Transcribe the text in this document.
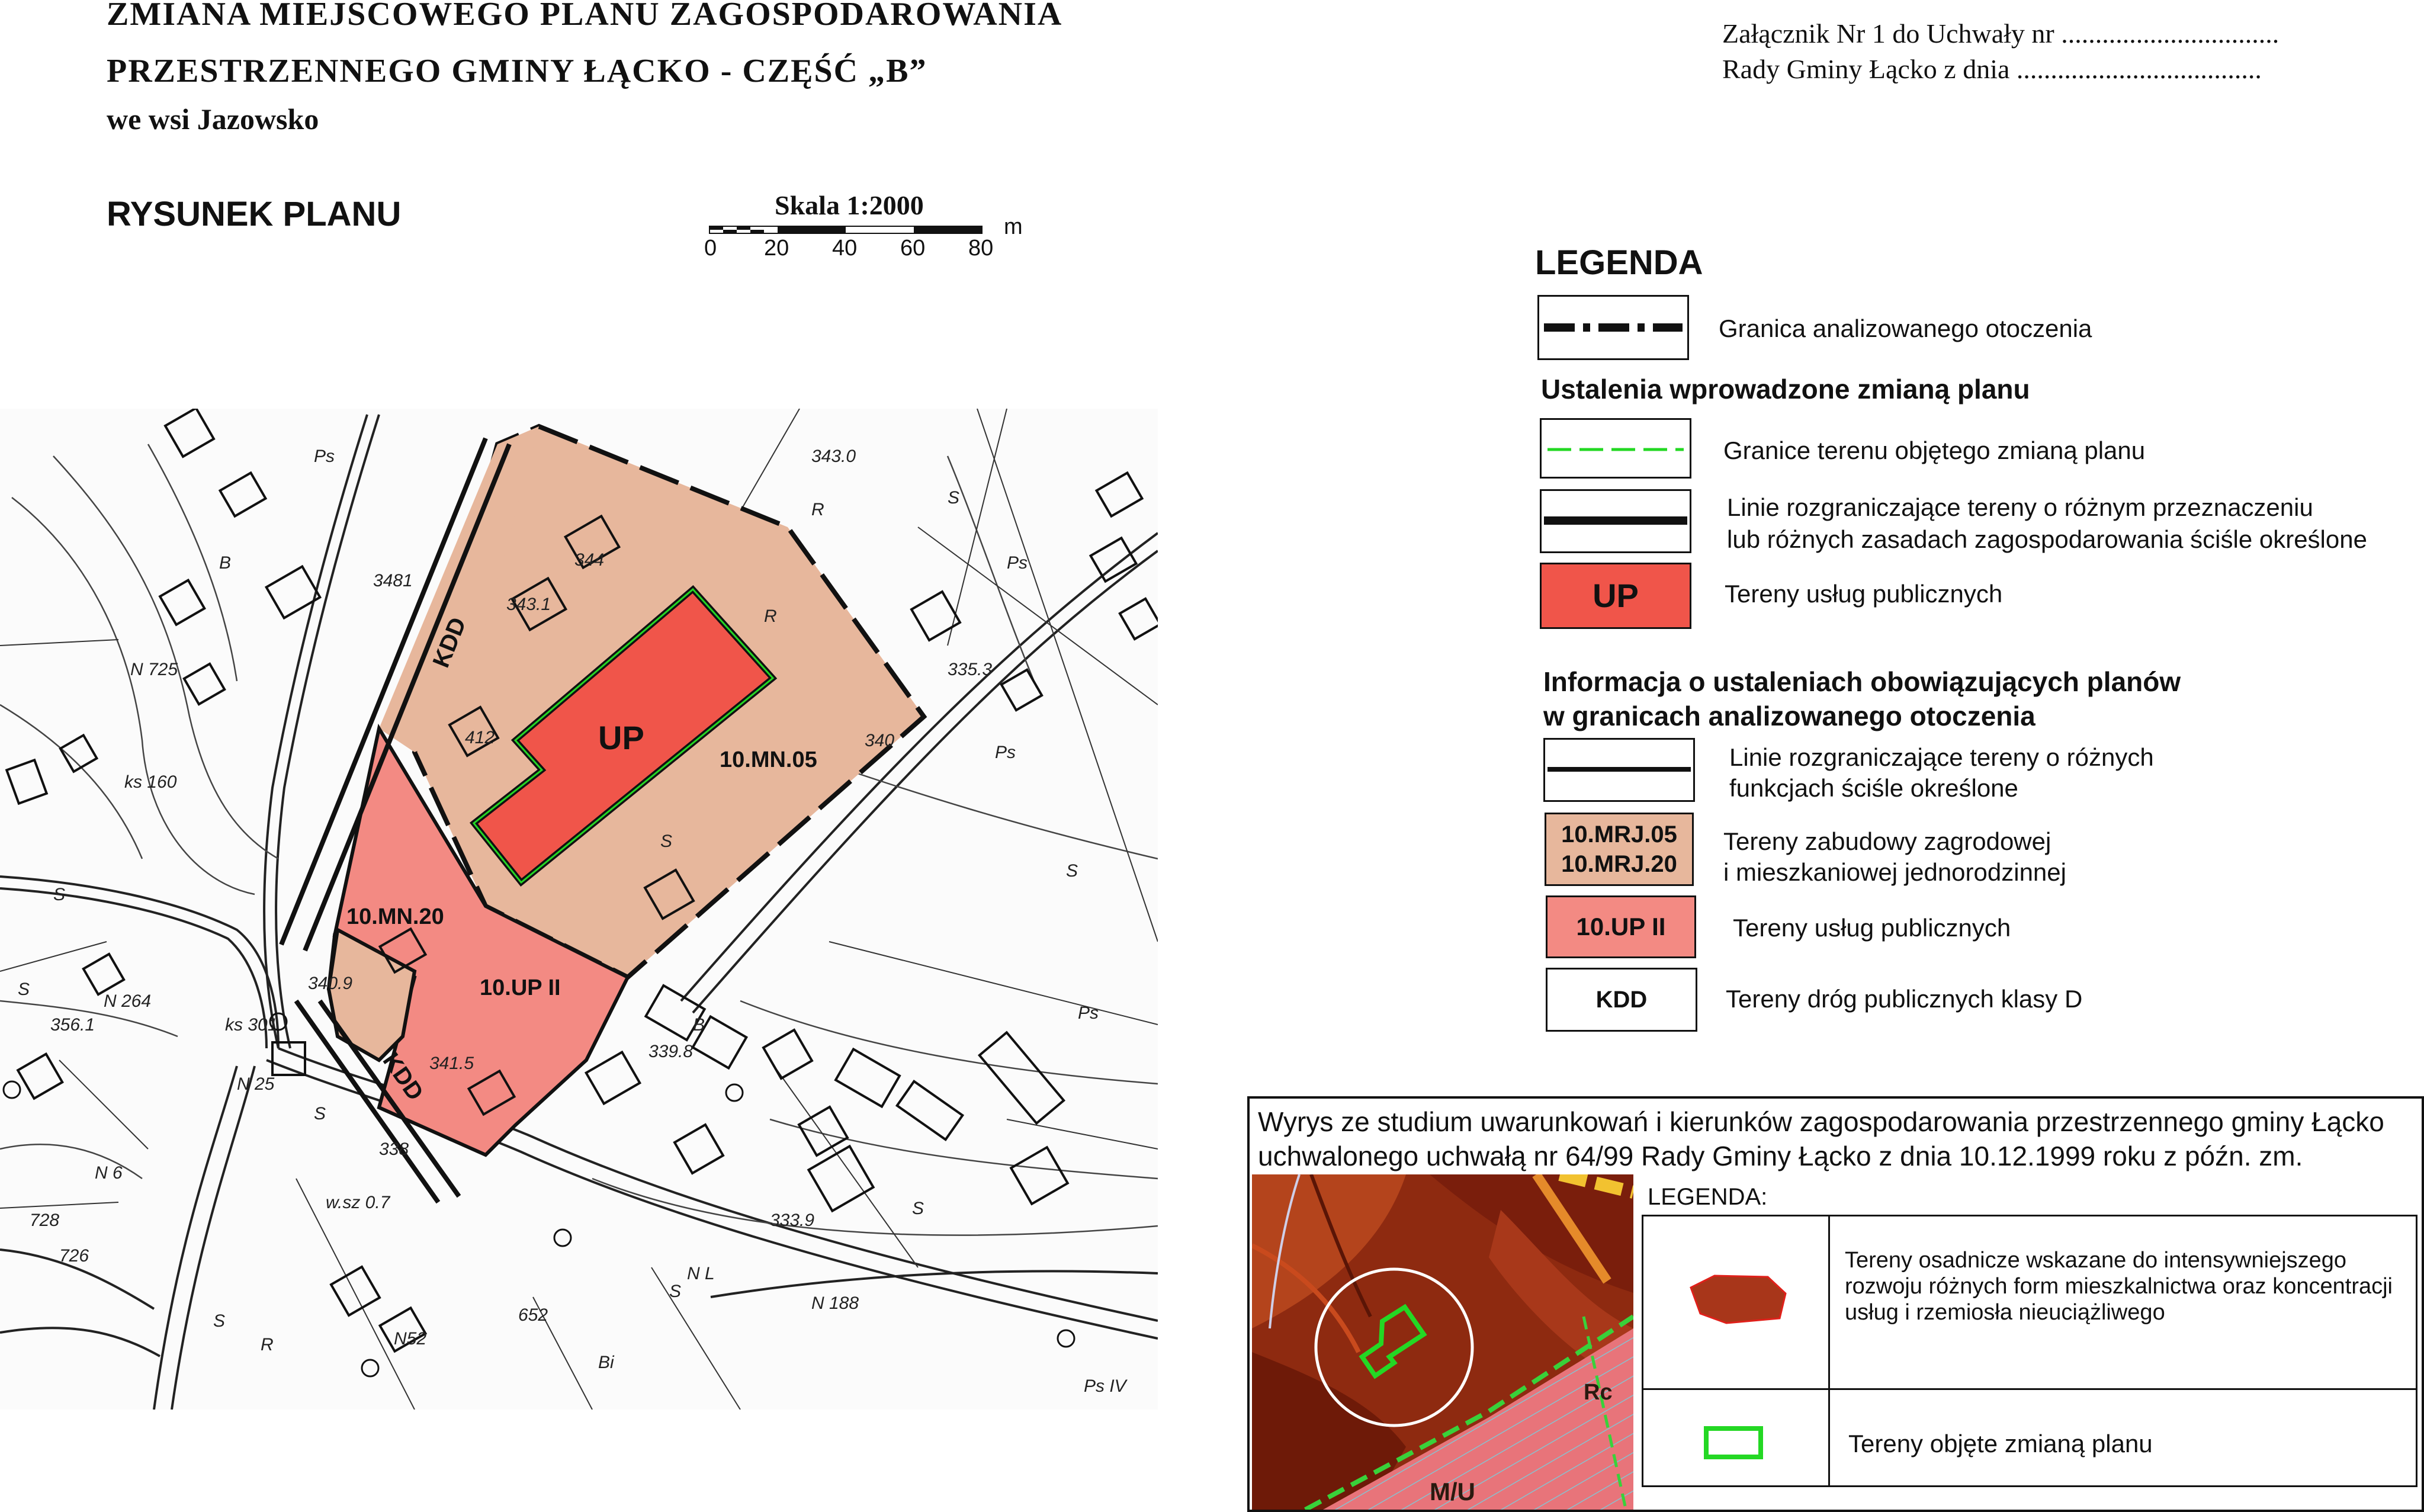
ZMIANA MIEJSCOWEGO PLANU ZAGOSPODAROWANIA
PRZESTRZENNEGO GMINY ŁĄCKO - CZĘŚĆ „B”
we wsi Jazowsko
Załącznik Nr 1 do Uchwały nr ................................
Rady Gminy Łącko z dnia ....................................
RYSUNEK PLANU	Skala 1:2000
0 20 40 60 80
m
UP
10.MN.05
10.MN.20
10.UP II
KDD
KDD
Ps
Ps
Ps
Ps
Ps IV
S
S
S
S
S
S
S
S
S
R
R
R
B
B
Bi
343.0
3481
335.3
340
344
343.1
412
340.9
341.5
339.8
333.9
338
356.1
652
N 725
N 188
N 264
ks 160
w.sz 0.7
728
726
ks 301
N 25
N 6
N52
N L
LEGENDA
Granica analizowanego otoczenia
Ustalenia wprowadzone zmianą planu
Granice terenu objętego zmianą planu
Linie rozgraniczające tereny o różnym przeznaczeniu
lub różnych zasadach zagospodarowania ściśle określone
UP	Tereny usług publicznych
Informacja o ustaleniach obowiązujących planów
w granicach analizowanego otoczenia
Linie rozgraniczające tereny o różnych
funkcjach ściśle określone
10.MRJ.05
10.MRJ.20
Tereny zabudowy zagrodowej
i mieszkaniowej jednorodzinnej
10.UP II	Tereny usług publicznych
KDD	Tereny dróg publicznych klasy D
Wyrys ze studium uwarunkowań i kierunków zagospodarowania przestrzennego gminy Łącko
uchwalonego uchwałą nr 64/99 Rady Gminy Łącko z dnia 10.12.1999 roku z późn. zm.
M/U
Rc
LEGENDA:
Tereny osadnicze wskazane do intensywniejszego
rozwoju różnych form mieszkalnictwa oraz koncentracji
usług i rzemiosła nieuciążliwego
Tereny objęte zmianą planu
